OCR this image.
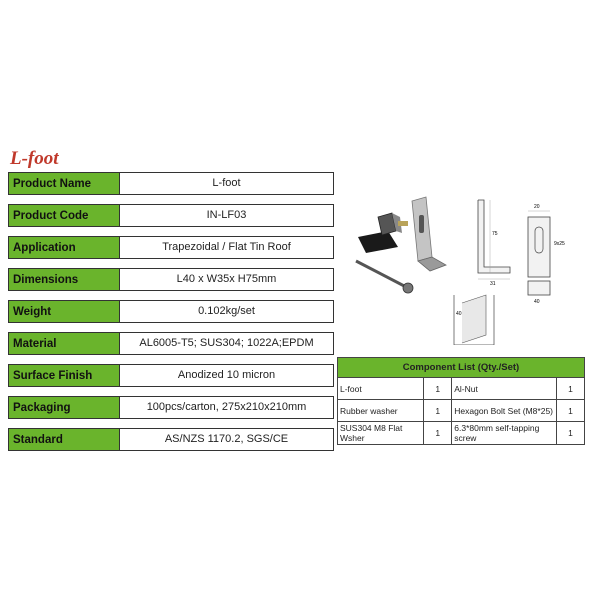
L-foot
Product Name	L-foot
Product Code	IN-LF03
Application	Trapezoidal / Flat Tin Roof
Dimensions	L40 x W35x H75mm
Weight	0.102kg/set
Material	AL6005-T5; SUS304; 1022A;EPDM
Surface Finish	Anodized 10 micron
Packaging	100pcs/carton, 275x210x210mm
Standard	AS/NZS 1170.2, SGS/CE
75
31
20
9x25
40
40
Component List (Qty./Set)			
L-foot	1	Al-Nut	1
Rubber washer	1	Hexagon Bolt Set (M8*25)	1
SUS304 M8 Flat Wsher	1	6.3*80mm self-tapping screw	1
